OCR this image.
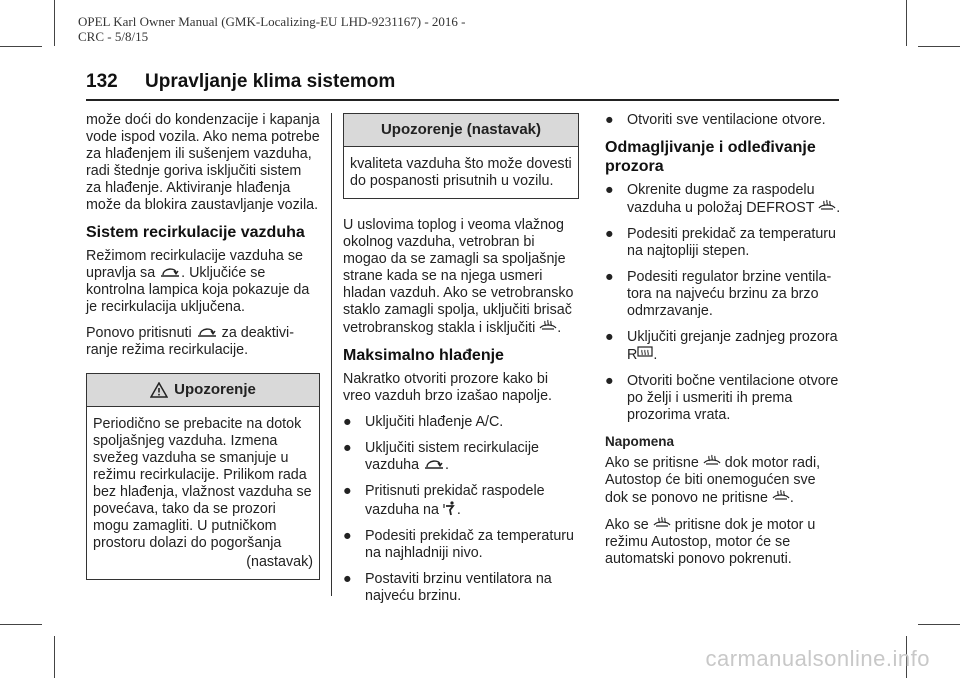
OPEL Karl Owner Manual (GMK-Localizing-EU LHD-9231167) - 2016 -
CRC - 5/8/15
132 Upravljanje klima sistemom

može doći do kondenzacije i kapanja vode ispod vozila. Ako nema potrebe za hlađenjem ili sušenjem vazduha, radi štednje goriva isključiti sistem za hlađenje. Aktiviranje hlađenja može da blokira zaustavljanje vozila.

Sistem recirkulacije vazduha

Režimom recirkulacije vazduha se upravlja sa . Uključiće se kontrolna lampica koja pokazuje da je recirkulacija uključena.

Ponovo pritisnuti za deaktiviranje režima recirkulacije.

Upozorenje

Periodično se prebacite na dotok spoljašnjeg vazduha. Izmena svežeg vazduha se smanjuje u režimu recirkulacije. Prilikom rada bez hlađenja, vlažnost vazduha se povećava, tako da se prozori mogu zamagliti. U putničkom prostoru dolazi do pogoršanja

(nastavak)
Upozorenje (nastavak)

kvaliteta vazduha što može dovesti do pospanosti prisutnih u vozilu.

U uslovima toplog i veoma vlažnog okolnog vazduha, vetrobran bi mogao da se zamagli sa spoljašnje strane kada se na njega usmeri hladan vazduh. Ako se vetrobransko staklo zamagli spolja, uključiti brisač vetrobranskog stakla i isključiti .

Maksimalno hlađenje

Nakratko otvoriti prozore kako bi vreo vazduh brzo izašao napolje.

● Uključiti hlađenje A/C.
● Uključiti sistem recirkulacije vazduha .
● Pritisnuti prekidač raspodele vazduha na .
● Podesiti prekidač za temperaturu na najhladniji nivo.
● Postaviti brzinu ventilatora na najveću brzinu.
● Otvoriti sve ventilacione otvore.
Odmagljivanje i odleđivanje prozora
● Okrenite dugme za raspodelu vazduha u položaj DEFROST .
● Podesiti prekidač za temperaturu na najtopliji stepen.
● Podesiti regulator brzine ventilatora na najveću brzinu za brzo odmrzavanje.
● Uključiti grejanje zadnjeg prozora R .
● Otvoriti bočne ventilacione otvore po želji i usmeriti ih prema prozorima vrata.
Napomena

Ako se pritisne dok motor radi, Autostop će biti onemogućen sve dok se ponovo ne pritisne .

Ako se pritisne dok je motor u režimu Autostop, motor će se automatski ponovo pokrenuti.

carmanualsonline.info
